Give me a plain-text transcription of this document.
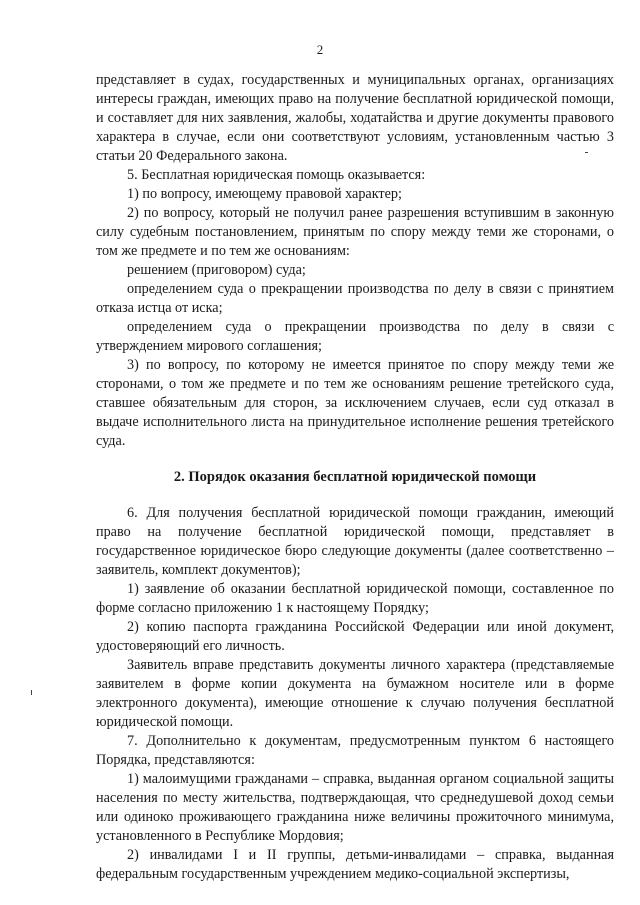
2

представляет в судах, государственных и муниципальных органах, организациях интересы граждан, имеющих право на получение бесплатной юридической помощи, и составляет для них заявления, жалобы, ходатайства и другие документы правового характера в случае, если они соответствуют условиям, установленным частью 3 статьи 20 Федерального закона.

5. Бесплатная юридическая помощь оказывается:

1) по вопросу, имеющему правовой характер;

2) по вопросу, который не получил ранее разрешения вступившим в законную силу судебным постановлением, принятым по спору между теми же сторонами, о том же предмете и по тем же основаниям:

решением (приговором) суда;

определением суда о прекращении производства по делу в связи с принятием отказа истца от иска;

определением суда о прекращении производства по делу в связи с утверждением мирового соглашения;

3) по вопросу, по которому не имеется принятое по спору между теми же сторонами, о том же предмете и по тем же основаниям решение третейского суда, ставшее обязательным для сторон, за исключением случаев, если суд отказал в выдаче исполнительного листа на принудительное исполнение решения третейского суда.

2. Порядок оказания бесплатной юридической помощи

6. Для получения бесплатной юридической помощи гражданин, имеющий право на получение бесплатной юридической помощи, представляет в государственное юридическое бюро следующие документы (далее соответственно – заявитель, комплект документов);

1) заявление об оказании бесплатной юридической помощи, составленное по форме согласно приложению 1 к настоящему Порядку;

2) копию паспорта гражданина Российской Федерации или иной документ, удостоверяющий его личность.

Заявитель вправе представить документы личного характера (представляемые заявителем в форме копии документа на бумажном носителе или в форме электронного документа), имеющие отношение к случаю получения бесплатной юридической помощи.

7. Дополнительно к документам, предусмотренным пунктом 6 настоящего Порядка, представляются:

1) малоимущими гражданами – справка, выданная органом социальной защиты населения по месту жительства, подтверждающая, что среднедушевой доход семьи или одиноко проживающего гражданина ниже величины прожиточного минимума, установленного в Республике Мордовия;

2) инвалидами I и II группы, детьми-инвалидами – справка, выданная федеральным государственным учреждением медико-социальной экспертизы,
